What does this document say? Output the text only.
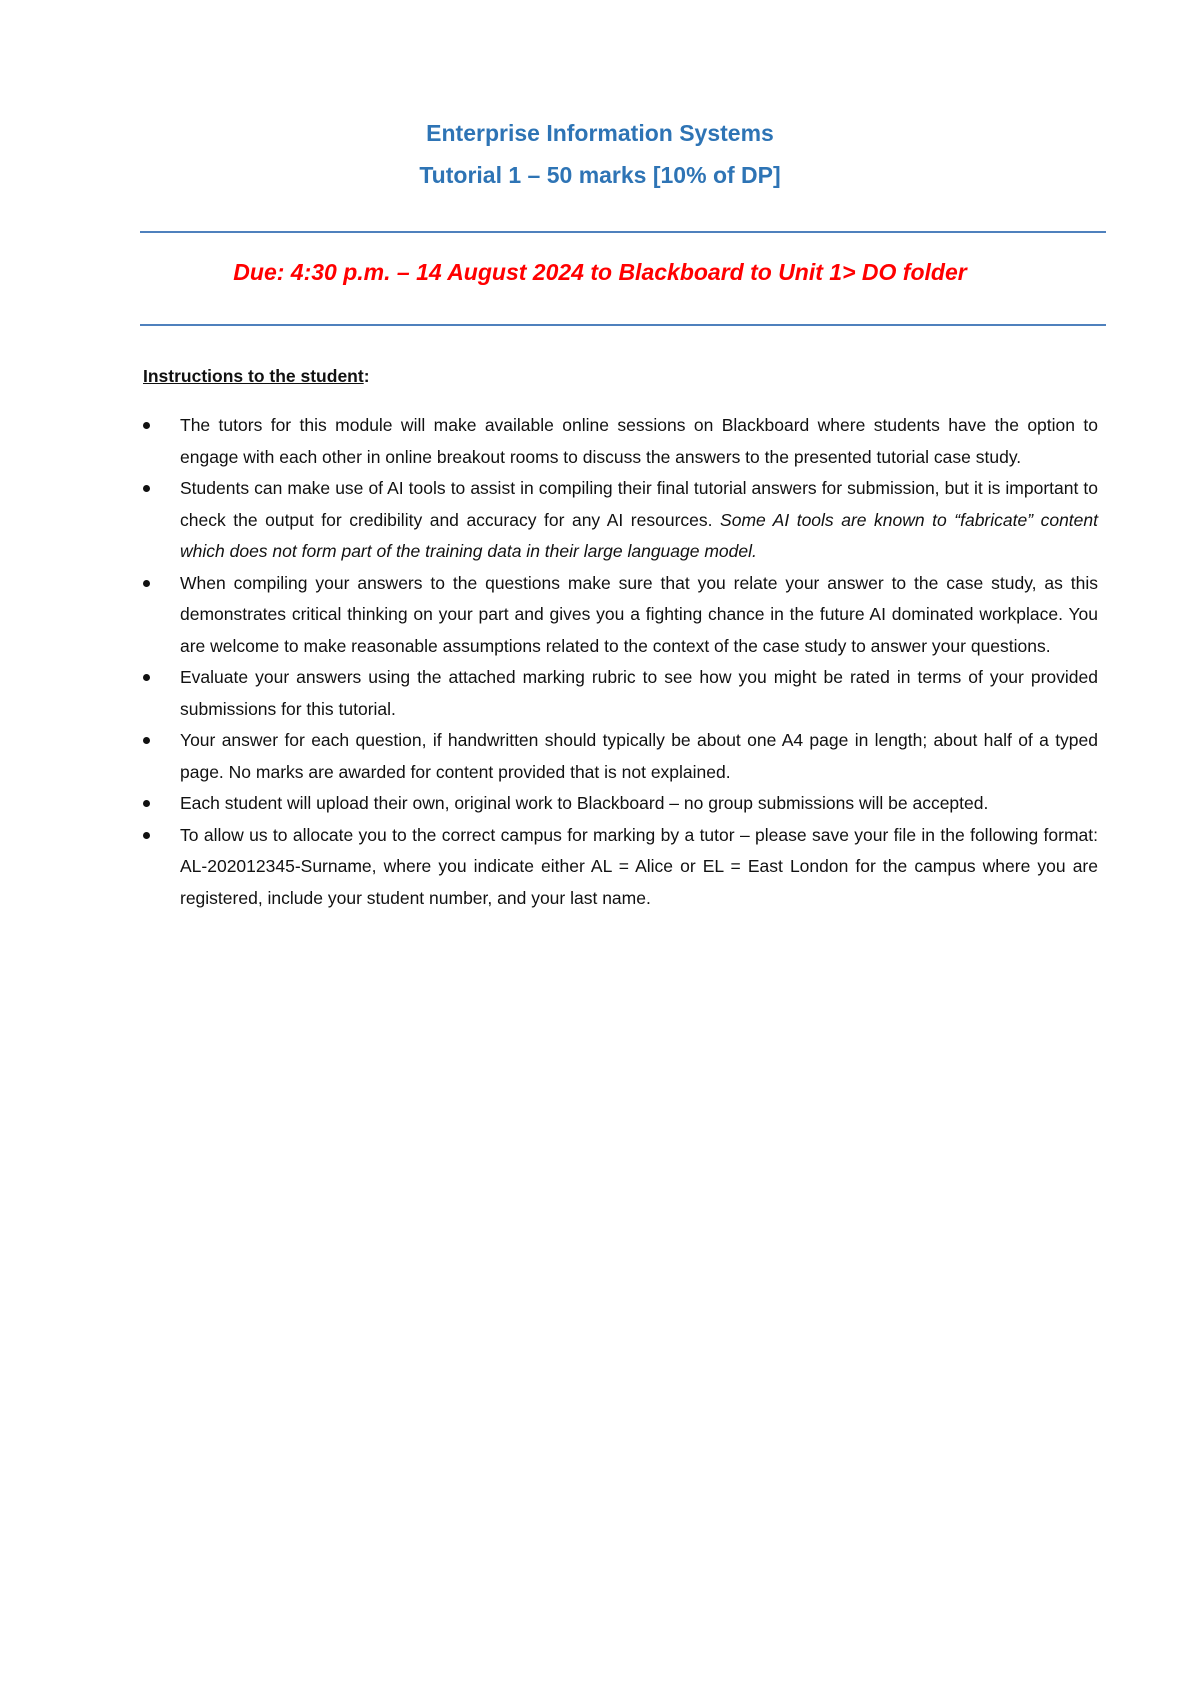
Enterprise Information Systems
Tutorial 1 – 50 marks [10% of DP]
Due: 4:30 p.m. – 14 August 2024 to Blackboard to Unit 1> DO folder
Instructions to the student:
The tutors for this module will make available online sessions on Blackboard where students have the option to engage with each other in online breakout rooms to discuss the answers to the presented tutorial case study.
Students can make use of AI tools to assist in compiling their final tutorial answers for submission, but it is important to check the output for credibility and accuracy for any AI resources. Some AI tools are known to “fabricate” content which does not form part of the training data in their large language model.
When compiling your answers to the questions make sure that you relate your answer to the case study, as this demonstrates critical thinking on your part and gives you a fighting chance in the future AI dominated workplace. You are welcome to make reasonable assumptions related to the context of the case study to answer your questions.
Evaluate your answers using the attached marking rubric to see how you might be rated in terms of your provided submissions for this tutorial.
Your answer for each question, if handwritten should typically be about one A4 page in length; about half of a typed page. No marks are awarded for content provided that is not explained.
Each student will upload their own, original work to Blackboard – no group submissions will be accepted.
To allow us to allocate you to the correct campus for marking by a tutor – please save your file in the following format: AL-202012345-Surname, where you indicate either AL = Alice or EL = East London for the campus where you are registered, include your student number, and your last name.
